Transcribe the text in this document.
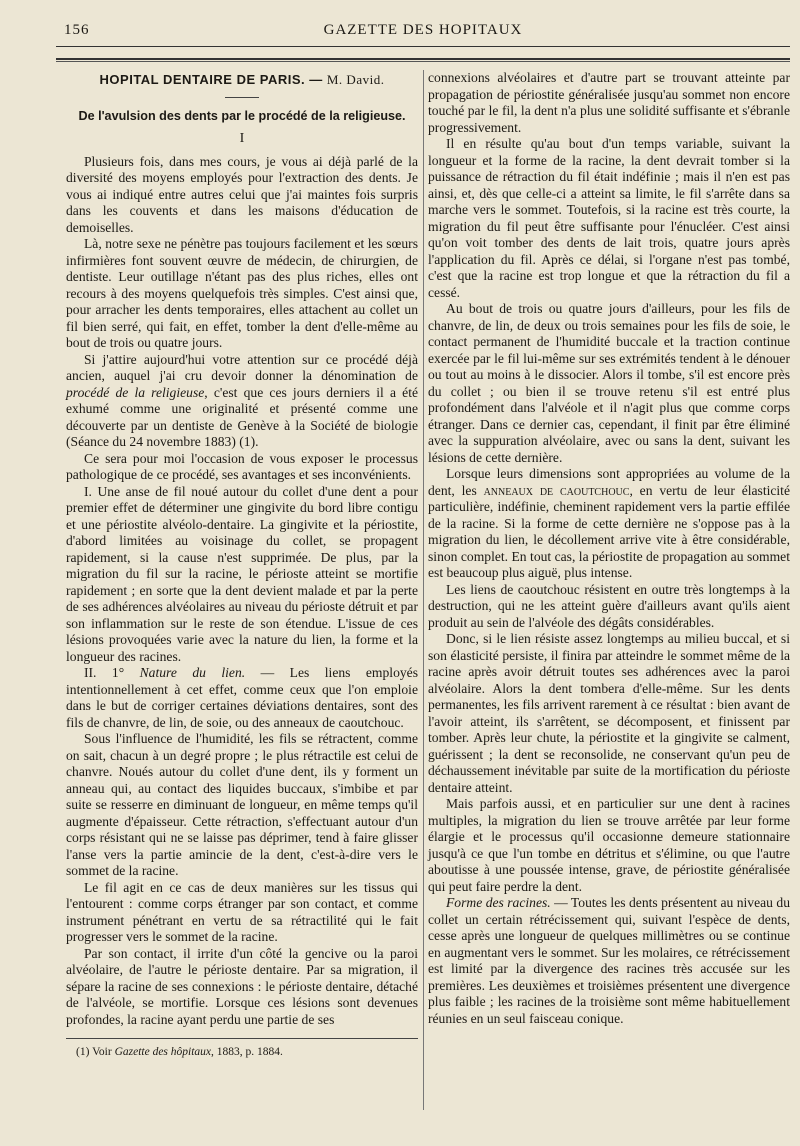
156	GAZETTE DES HOPITAUX
HOPITAL DENTAIRE DE PARIS. — M. David.
De l'avulsion des dents par le procédé de la religieuse.
I

Plusieurs fois, dans mes cours, je vous ai déjà parlé de la diversité des moyens employés pour l'extraction des dents. Je vous ai indiqué entre autres celui que j'ai maintes fois surpris dans les couvents et dans les maisons d'éducation de demoiselles.

Là, notre sexe ne pénètre pas toujours facilement et les sœurs infirmières font souvent œuvre de médecin, de chirurgien, de dentiste. Leur outillage n'étant pas des plus riches, elles ont recours à des moyens quelquefois très simples. C'est ainsi que, pour arracher les dents temporaires, elles attachent au collet un fil bien serré, qui fait, en effet, tomber la dent d'elle-même au bout de trois ou quatre jours.

Si j'attire aujourd'hui votre attention sur ce procédé déjà ancien, auquel j'ai cru devoir donner la dénomination de procédé de la religieuse, c'est que ces jours derniers il a été exhumé comme une originalité et présenté comme une découverte par un dentiste de Genève à la Société de biologie (Séance du 24 novembre 1883) (1).

Ce sera pour moi l'occasion de vous exposer le processus pathologique de ce procédé, ses avantages et ses inconvénients.

I. Une anse de fil noué autour du collet d'une dent a pour premier effet de déterminer une gingivite du bord libre contigu et une périostite alvéolo-dentaire. La gingivite et la périostite, d'abord limitées au voisinage du collet, se propagent rapidement, si la cause n'est supprimée. De plus, par la migration du fil sur la racine, le périoste atteint se mortifie rapidement ; en sorte que la dent devient malade et par la perte de ses adhérences alvéolaires au niveau du périoste détruit et par son inflammation sur le reste de son étendue. L'issue de ces lésions provoquées varie avec la nature du lien, la forme et la longueur des racines.

II. 1° Nature du lien. — Les liens employés intentionnellement à cet effet, comme ceux que l'on emploie dans le but de corriger certaines déviations dentaires, sont des fils de chanvre, de lin, de soie, ou des anneaux de caoutchouc.

Sous l'influence de l'humidité, les fils se rétractent, comme on sait, chacun à un degré propre ; le plus rétractile est celui de chanvre. Noués autour du collet d'une dent, ils y forment un anneau qui, au contact des liquides buccaux, s'imbibe et par suite se resserre en diminuant de longueur, en même temps qu'il augmente d'épaisseur. Cette rétraction, s'effectuant autour d'un corps résistant qui ne se laisse pas déprimer, tend à faire glisser l'anse vers la partie amincie de la dent, c'est-à-dire vers le sommet de la racine.

Le fil agit en ce cas de deux manières sur les tissus qui l'entourent : comme corps étranger par son contact, et comme instrument pénétrant en vertu de sa rétractilité qui le fait progresser vers le sommet de la racine.

Par son contact, il irrite d'un côté la gencive ou la paroi alvéolaire, de l'autre le périoste dentaire. Par sa migration, il sépare la racine de ses connexions : le périoste dentaire, détaché de l'alvéole, se mortifie. Lorsque ces lésions sont devenues profondes, la racine ayant perdu une partie de ses

(1) Voir Gazette des hôpitaux, 1883, p. 1884.

connexions alvéolaires et d'autre part se trouvant atteinte par propagation de périostite généralisée jusqu'au sommet non encore touché par le fil, la dent n'a plus une solidité suffisante et s'ébranle progressivement.

Il en résulte qu'au bout d'un temps variable, suivant la longueur et la forme de la racine, la dent devrait tomber si la puissance de rétraction du fil était indéfinie ; mais il n'en est pas ainsi, et, dès que celle-ci a atteint sa limite, le fil s'arrête dans sa marche vers le sommet. Toutefois, si la racine est très courte, la migration du fil peut être suffisante pour l'énucléer. C'est ainsi qu'on voit tomber des dents de lait trois, quatre jours après l'application du fil. Après ce délai, si l'organe n'est pas tombé, c'est que la racine est trop longue et que la rétraction du fil a cessé.

Au bout de trois ou quatre jours d'ailleurs, pour les fils de chanvre, de lin, de deux ou trois semaines pour les fils de soie, le contact permanent de l'humidité buccale et la traction continue exercée par le fil lui-même sur ses extrémités tendent à le dénouer ou tout au moins à le dissocier. Alors il tombe, s'il est encore près du collet ; ou bien il se trouve retenu s'il est entré plus profondément dans l'alvéole et il n'agit plus que comme corps étranger. Dans ce dernier cas, cependant, il finit par être éliminé avec la suppuration alvéolaire, avec ou sans la dent, suivant les lésions de cette dernière.

Lorsque leurs dimensions sont appropriées au volume de la dent, les anneaux de caoutchouc, en vertu de leur élasticité particulière, indéfinie, cheminent rapidement vers la partie effilée de la racine. Si la forme de cette dernière ne s'oppose pas à la migration du lien, le décollement arrive vite à être considérable, sinon complet. En tout cas, la périostite de propagation au sommet est beaucoup plus aiguë, plus intense.

Les liens de caoutchouc résistent en outre très longtemps à la destruction, qui ne les atteint guère d'ailleurs avant qu'ils aient produit au sein de l'alvéole des dégâts considérables.

Donc, si le lien résiste assez longtemps au milieu buccal, et si son élasticité persiste, il finira par atteindre le sommet même de la racine après avoir détruit toutes ses adhérences avec la paroi alvéolaire. Alors la dent tombera d'elle-même. Sur les dents permanentes, les fils arrivent rarement à ce résultat : bien avant de l'avoir atteint, ils s'arrêtent, se décomposent, et finissent par tomber. Après leur chute, la périostite et la gingivite se calment, guérissent ; la dent se reconsolide, ne conservant qu'un peu de déchaussement inévitable par suite de la mortification du périoste dentaire atteint.

Mais parfois aussi, et en particulier sur une dent à racines multiples, la migration du lien se trouve arrêtée par leur forme élargie et le processus qu'il occasionne demeure stationnaire jusqu'à ce que l'un tombe en détritus et s'élimine, ou que l'autre aboutisse à une poussée intense, grave, de périostite généralisée qui peut faire perdre la dent.

Forme des racines. — Toutes les dents présentent au niveau du collet un certain rétrécissement qui, suivant l'espèce de dents, cesse après une longueur de quelques millimètres ou se continue en augmentant vers le sommet. Sur les molaires, ce rétrécissement est limité par la divergence des racines très accusée sur les premières. Les deuxièmes et troisièmes présentent une divergence plus faible ; les racines de la troisième sont même habituellement réunies en un seul faisceau conique.
